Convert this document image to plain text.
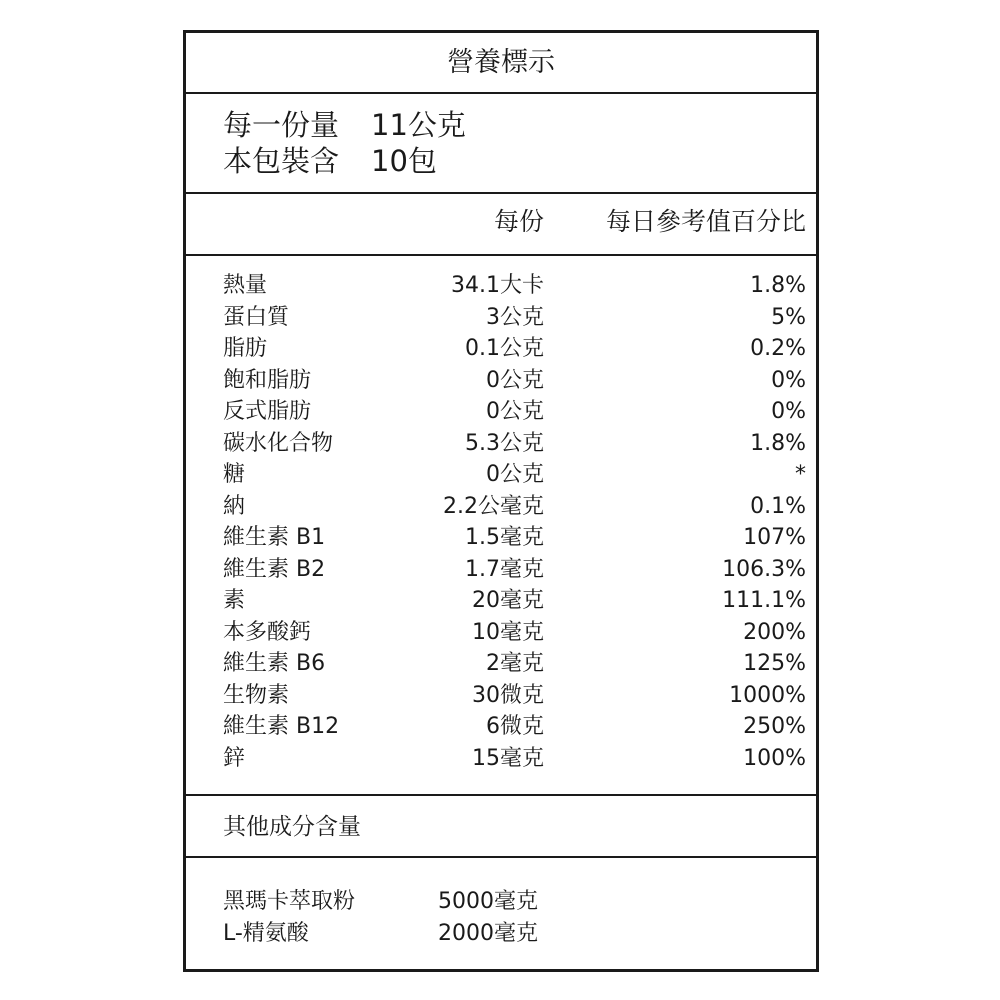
營養標示
每一份量 11公克
本包裝含 10包
每份 每日參考值百分比
熱量	34.1大卡	1.8%
蛋白質	3公克	5%
脂肪	0.1公克	0.2%
飽和脂肪	0公克	0%
反式脂肪	0公克	0%
碳水化合物	5.3公克	1.8%
糖	0公克	*
納	2.2公毫克	0.1%
維生素 B1	1.5毫克	107%
維生素 B2	1.7毫克	106.3%
素	20毫克	111.1%
本多酸鈣	10毫克	200%
維生素 B6	2毫克	125%
生物素	30微克	1000%
維生素 B12	6微克	250%
鋅	15毫克	100%
其他成分含量
黑瑪卡萃取粉	5000毫克
L-精氨酸	2000毫克
